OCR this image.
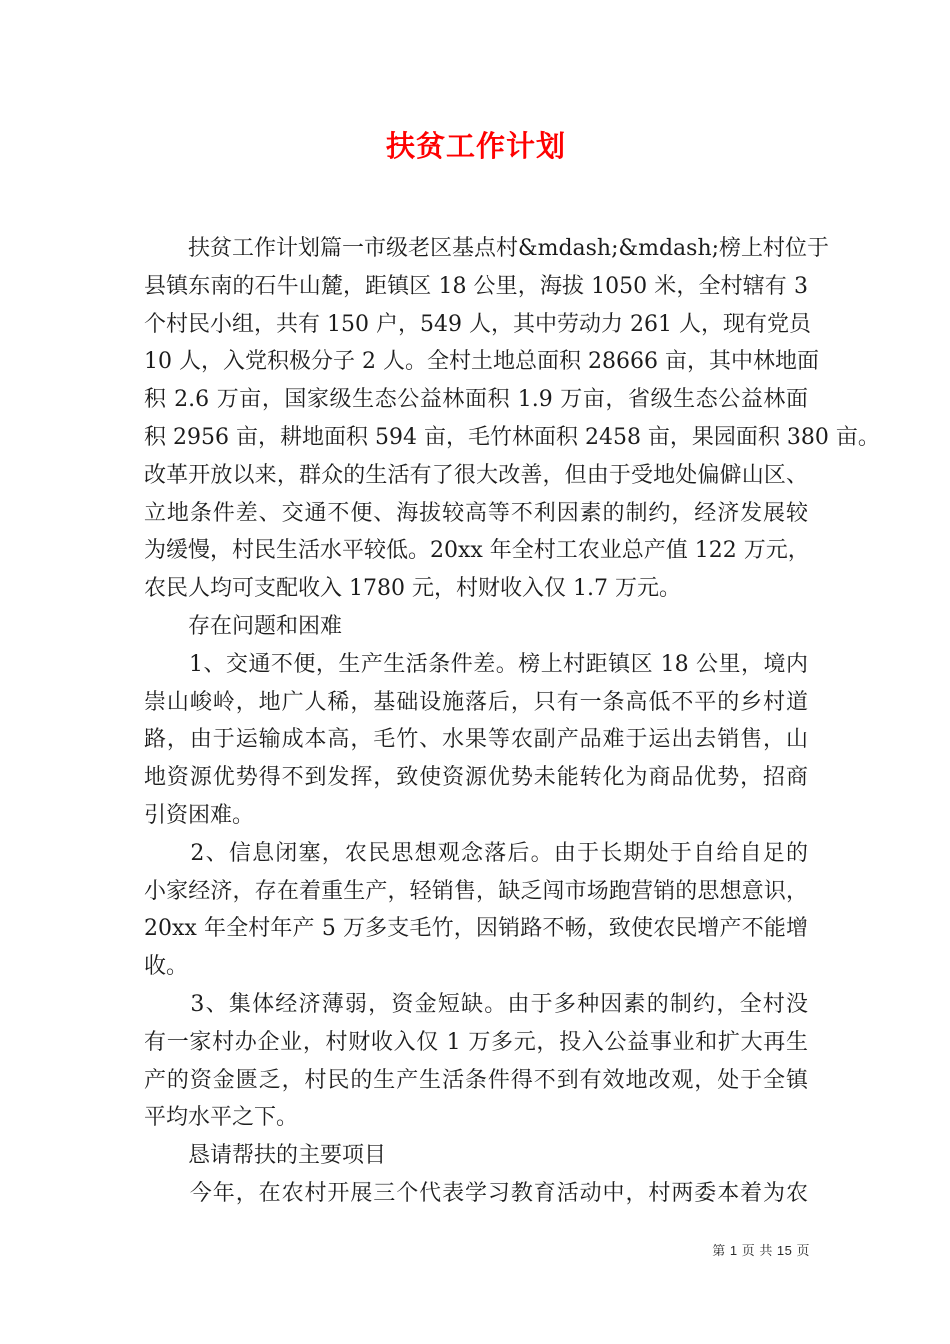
扶贫工作计划
　　扶贫工作计划篇一市级老区基点村&mdash;&mdash;榜上村位于
县镇东南的石牛山麓，距镇区 18 公里，海拔 1050 米，全村辖有 3
个村民小组，共有 150 户，549 人，其中劳动力 261 人，现有党员
10 人，入党积极分子 2 人。全村土地总面积 28666 亩，其中林地面
积 2.6 万亩，国家级生态公益林面积 1.9 万亩，省级生态公益林面
积 2956 亩，耕地面积 594 亩，毛竹林面积 2458 亩，果园面积 380 亩。
改革开放以来，群众的生活有了很大改善，但由于受地处偏僻山区、
立地条件差、交通不便、海拔较高等不利因素的制约，经济发展较
为缓慢，村民生活水平较低。20xx 年全村工农业总产值 122 万元，
农民人均可支配收入 1780 元，村财收入仅 1.7 万元。
　　存在问题和困难
　　1、交通不便，生产生活条件差。榜上村距镇区 18 公里，境内
崇山峻岭，地广人稀，基础设施落后，只有一条高低不平的乡村道
路，由于运输成本高，毛竹、水果等农副产品难于运出去销售，山
地资源优势得不到发挥，致使资源优势未能转化为商品优势，招商
引资困难。
　　2、信息闭塞，农民思想观念落后。由于长期处于自给自足的
小家经济，存在着重生产，轻销售，缺乏闯市场跑营销的思想意识，
20xx 年全村年产 5 万多支毛竹，因销路不畅，致使农民增产不能增
收。
　　3、集体经济薄弱，资金短缺。由于多种因素的制约，全村没
有一家村办企业，村财收入仅 1 万多元，投入公益事业和扩大再生
产的资金匮乏，村民的生产生活条件得不到有效地改观，处于全镇
平均水平之下。
　　恳请帮扶的主要项目
　　今年，在农村开展三个代表学习教育活动中，村两委本着为农
第 1 页 共 15 页
